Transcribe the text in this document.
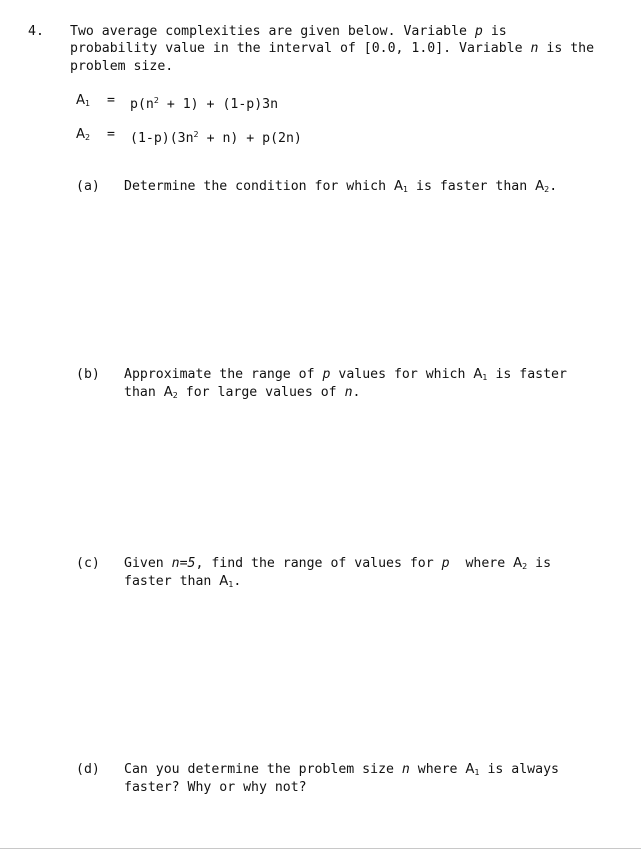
4. Two average complexities are given below. Variable p is
probability value in the interval of [0.0, 1.0]. Variable n is the
problem size.
$A_1 = p(n^2 + 1) + (1-p)3n$
$A_2 = (1-p)(3n^2 + n) + p(2n)$
(a) Determine the condition for which $A_1$ is faster than $A_2$.
(b) Approximate the range of p values for which $A_1$ is faster
than $A_2$ for large values of n.
(c) Given n=5, find the range of values for p  where $A_2$ is
faster than $A_1$.
(d) Can you determine the problem size n where $A_1$ is always
faster? Why or why not?
